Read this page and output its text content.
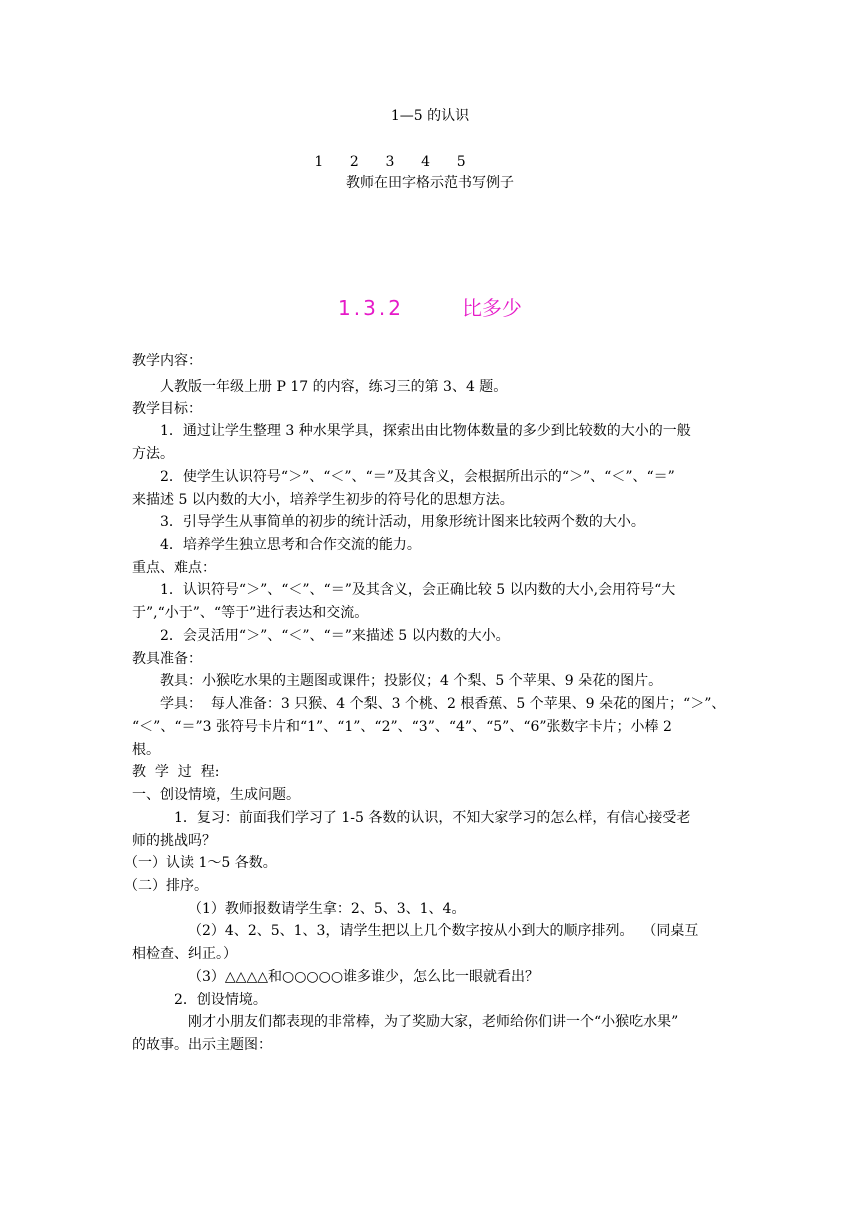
1—5 的认识
1      2      3      4      5
教师在田字格示范书写例子
1.3.2	比多少
教学内容：
人教版一年级上册 P 17 的内容，练习三的第 3、4 题。
教学目标：
1．通过让学生整理 3 种水果学具，探索出由比物体数量的多少到比较数的大小的一般
方法。
2．使学生认识符号“＞”、“＜”、“＝”及其含义，会根据所出示的“＞”、“＜”、“＝”
来描述 5 以内数的大小，培养学生初步的符号化的思想方法。
3．引导学生从事简单的初步的统计活动，用象形统计图来比较两个数的大小。
4．培养学生独立思考和合作交流的能力。
重点、难点：
1．认识符号“＞”、“＜”、“＝”及其含义，会正确比较 5 以内数的大小,会用符号“大
于”,“小于”、“等于”进行表达和交流。
2．会灵活用“＞”、“＜”、“＝”来描述 5 以内数的大小。
教具准备：
教具：小猴吃水果的主题图或课件；投影仪；4 个梨、5 个苹果、9 朵花的图片。
学具：  每人准备：3 只猴、4 个梨、3 个桃、2 根香蕉、5 个苹果、9 朵花的图片；“＞”、
“＜”、“＝”3 张符号卡片和“1”、“1”、“2”、“3”、“4”、“5”、“6”张数字卡片；小棒 2
根。
教  学  过  程:
一、创设情境，生成问题。
1．复习：前面我们学习了 1-5 各数的认识，不知大家学习的怎么样，有信心接受老
师的挑战吗？
（一）认读 1～5 各数。
（二）排序。
（1）教师报数请学生拿：2、5、3、1、4。
（2）4、2、5、1、3，请学生把以上几个数字按从小到大的顺序排列。  （同桌互
相检查、纠正。）
（3）△△△△和○○○○○谁多谁少，怎么比一眼就看出？
2．创设情境。
刚才小朋友们都表现的非常棒，为了奖励大家，老师给你们讲一个“小猴吃水果”
的故事。出示主题图：
